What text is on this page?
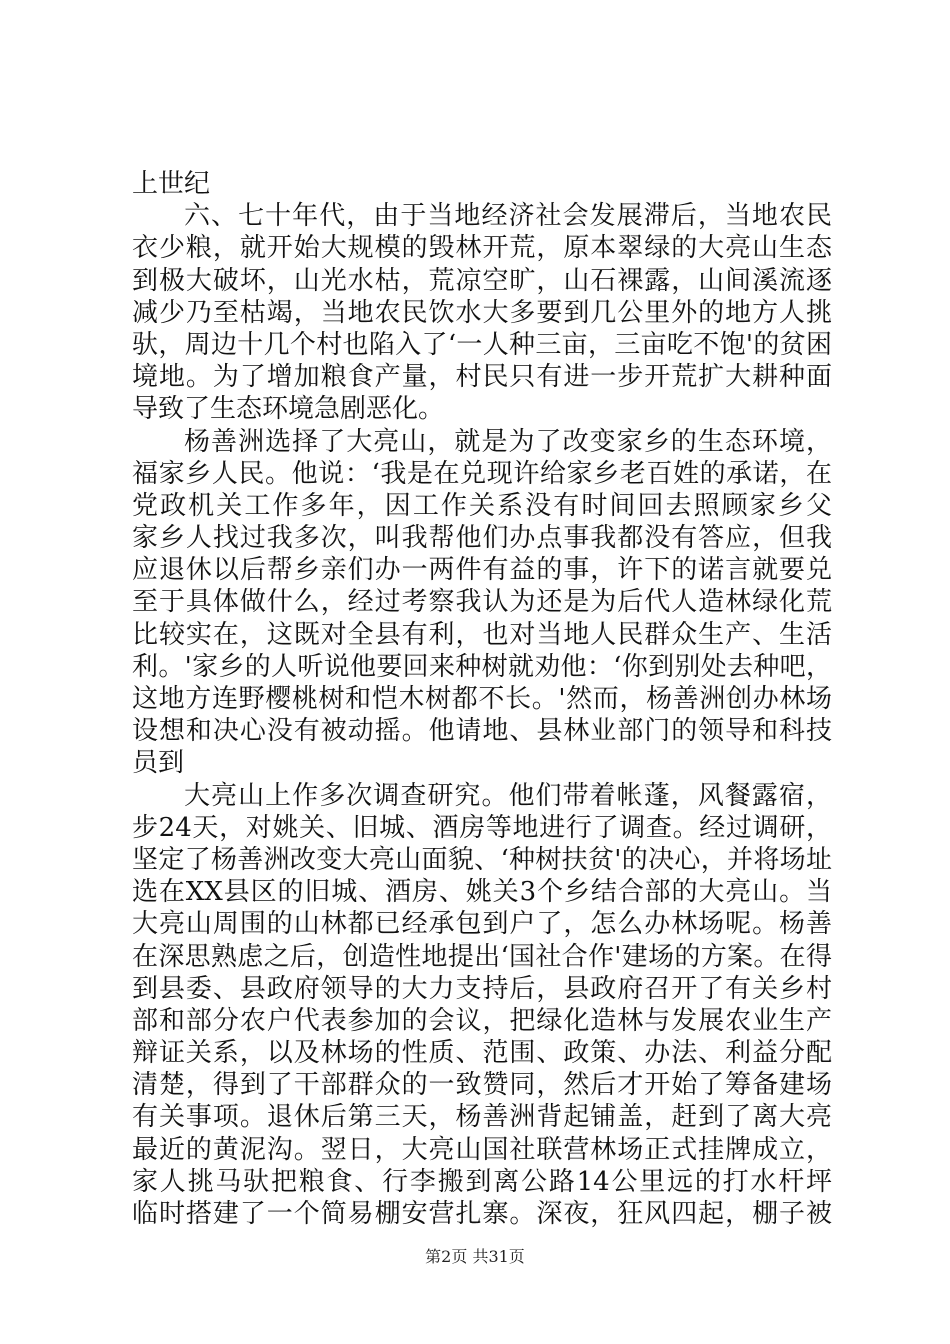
上世纪
六、七十年代，由于当地经济社会发展滞后，当地农民
衣少粮，就开始大规模的毁林开荒，原本翠绿的大亮山生态
到极大破坏，山光水枯，荒凉空旷，山石裸露，山间溪流逐
减少乃至枯竭，当地农民饮水大多要到几公里外的地方人挑
驮，周边十几个村也陷入了‘一人种三亩，三亩吃不饱'的贫困
境地。为了增加粮食产量，村民只有进一步开荒扩大耕种面
导致了生态环境急剧恶化。
杨善洲选择了大亮山，就是为了改变家乡的生态环境，
福家乡人民。他说：‘我是在兑现许给家乡老百姓的承诺，在
党政机关工作多年，因工作关系没有时间回去照顾家乡父
家乡人找过我多次，叫我帮他们办点事我都没有答应，但我
应退休以后帮乡亲们办一两件有益的事，许下的诺言就要兑
至于具体做什么，经过考察我认为还是为后代人造林绿化荒
比较实在，这既对全县有利，也对当地人民群众生产、生活
利。'家乡的人听说他要回来种树就劝他：‘你到别处去种吧，
这地方连野樱桃树和恺木树都不长。'然而，杨善洲创办林场
设想和决心没有被动摇。他请地、县林业部门的领导和科技
员到
大亮山上作多次调查研究。他们带着帐蓬，风餐露宿，
步24天，对姚关、旧城、酒房等地进行了调查。经过调研，
坚定了杨善洲改变大亮山面貌、‘种树扶贫'的决心，并将场址
选在XX县区的旧城、酒房、姚关3个乡结合部的大亮山。当
大亮山周围的山林都已经承包到户了，怎么办林场呢。杨善
在深思熟虑之后，创造性地提出‘国社合作'建场的方案。在得
到县委、县政府领导的大力支持后，县政府召开了有关乡村
部和部分农户代表参加的会议，把绿化造林与发展农业生产
辩证关系，以及林场的性质、范围、政策、办法、利益分配
清楚，得到了干部群众的一致赞同，然后才开始了筹备建场
有关事项。退休后第三天，杨善洲背起铺盖，赶到了离大亮
最近的黄泥沟。翌日，大亮山国社联营林场正式挂牌成立，
家人挑马驮把粮食、行李搬到离公路14公里远的打水杆坪
临时搭建了一个简易棚安营扎寨。深夜，狂风四起，棚子被
第2页 共31页
